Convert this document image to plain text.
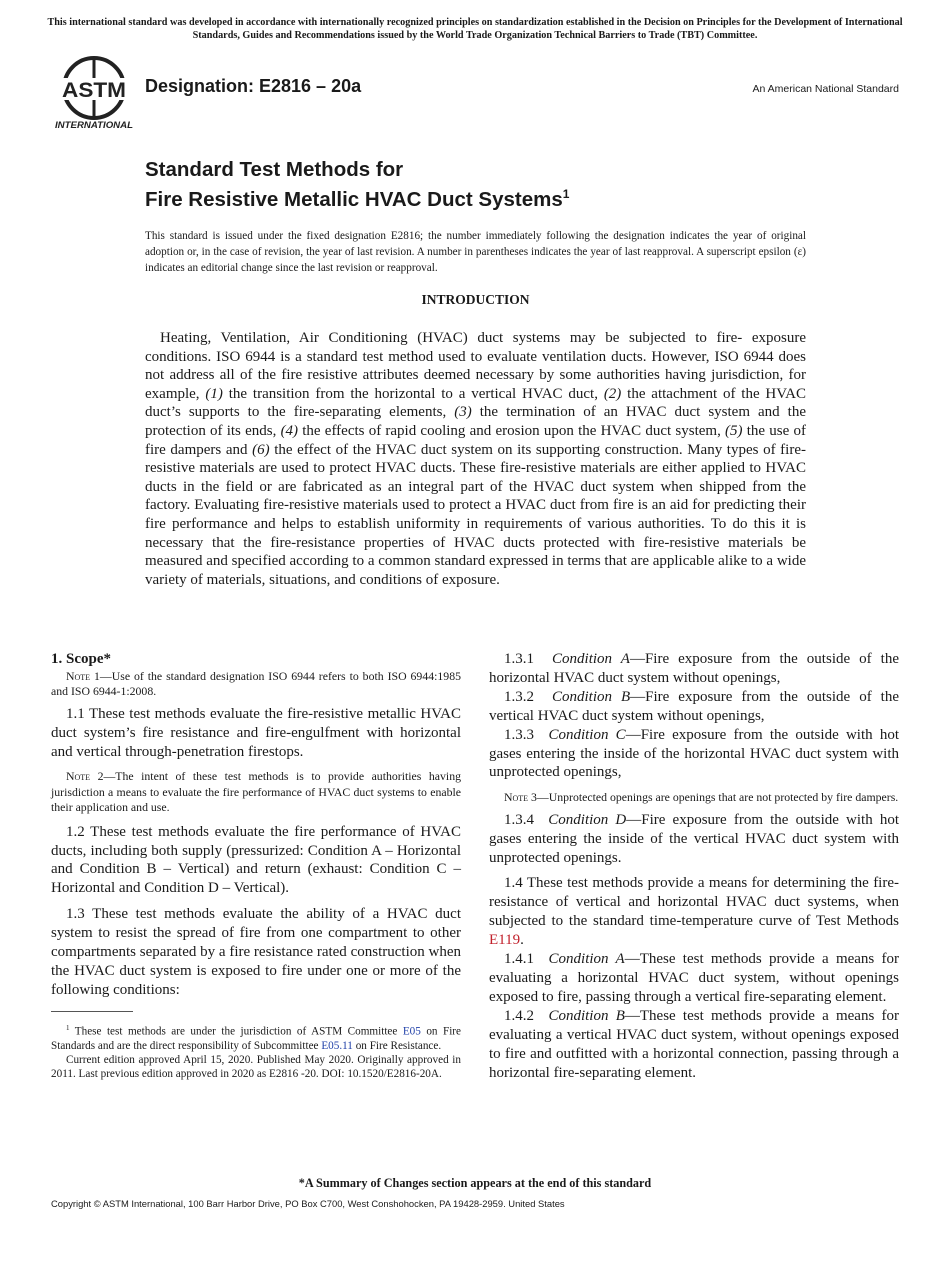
This international standard was developed in accordance with internationally recognized principles on standardization established in the Decision on Principles for the Development of International Standards, Guides and Recommendations issued by the World Trade Organization Technical Barriers to Trade (TBT) Committee.
ASTM
INTERNATIONAL
Designation: E2816 – 20a	An American National Standard
Standard Test Methods for
Fire Resistive Metallic HVAC Duct Systems$^1$
This standard is issued under the fixed designation E2816; the number immediately following the designation indicates the year of original adoption or, in the case of revision, the year of last revision. A number in parentheses indicates the year of last reapproval. A superscript epsilon (ε) indicates an editorial change since the last revision or reapproval.
INTRODUCTION

Heating, Ventilation, Air Conditioning (HVAC) duct systems may be subjected to fire- exposure conditions. ISO 6944 is a standard test method used to evaluate ventilation ducts. However, ISO 6944 does not address all of the fire resistive attributes deemed necessary by some authorities having jurisdiction, for example, (1) the transition from the horizontal to a vertical HVAC duct, (2) the attachment of the HVAC duct’s supports to the fire-separating elements, (3) the termination of an HVAC duct system and the protection of its ends, (4) the effects of rapid cooling and erosion upon the HVAC duct system, (5) the use of fire dampers and (6) the effect of the HVAC duct system on its supporting construction. Many types of fire-resistive materials are used to protect HVAC ducts. These fire-resistive materials are either applied to HVAC ducts in the field or are fabricated as an integral part of the HVAC duct system when shipped from the factory. Evaluating fire-resistive materials used to protect a HVAC duct from fire is an aid for predicting their fire performance and helps to establish uniformity in requirements of various authorities. To do this it is necessary that the fire-resistance properties of HVAC ducts protected with fire-resistive materials be measured and specified according to a common standard expressed in terms that are applicable alike to a wide variety of materials, situations, and conditions of exposure.

1. Scope*

Note 1—Use of the standard designation ISO 6944 refers to both ISO 6944:1985 and ISO 6944-1:2008.

1.1 These test methods evaluate the fire-resistive metallic HVAC duct system’s fire resistance and fire-engulfment with horizontal and vertical through-penetration firestops.

Note 2—The intent of these test methods is to provide authorities having jurisdiction a means to evaluate the fire performance of HVAC duct systems to enable their application and use.

1.2 These test methods evaluate the fire performance of HVAC ducts, including both supply (pressurized: Condition A – Horizontal and Condition B – Vertical) and return (exhaust: Condition C – Horizontal and Condition D – Vertical).

1.3 These test methods evaluate the ability of a HVAC duct system to resist the spread of fire from one compartment to other compartments separated by a fire resistance rated construction when the HVAC duct system is exposed to fire under one or more of the following conditions:

1.3.1 Condition A—Fire exposure from the outside of the horizontal HVAC duct system without openings,

1.3.2 Condition B—Fire exposure from the outside of the vertical HVAC duct system without openings,

1.3.3 Condition C—Fire exposure from the outside with hot gases entering the inside of the horizontal HVAC duct system with unprotected openings,

Note 3—Unprotected openings are openings that are not protected by fire dampers.

1.3.4 Condition D—Fire exposure from the outside with hot gases entering the inside of the vertical HVAC duct system with unprotected openings.

1.4 These test methods provide a means for determining the fire-resistance of vertical and horizontal HVAC duct systems, when subjected to the standard time-temperature curve of Test Methods E119.

1.4.1 Condition A—These test methods provide a means for evaluating a horizontal HVAC duct system, without openings exposed to fire, passing through a vertical fire-separating element.

1.4.2 Condition B—These test methods provide a means for evaluating a vertical HVAC duct system, without openings exposed to fire and outfitted with a horizontal connection, passing through a horizontal fire-separating element.

$^1$ These test methods are under the jurisdiction of ASTM Committee E05 on Fire Standards and are the direct responsibility of Subcommittee E05.11 on Fire Resistance.

Current edition approved April 15, 2020. Published May 2020. Originally approved in 2011. Last previous edition approved in 2020 as E2816 -20. DOI: 10.1520/E2816-20A.

*A Summary of Changes section appears at the end of this standard
Copyright © ASTM International, 100 Barr Harbor Drive, PO Box C700, West Conshohocken, PA 19428-2959. United States
